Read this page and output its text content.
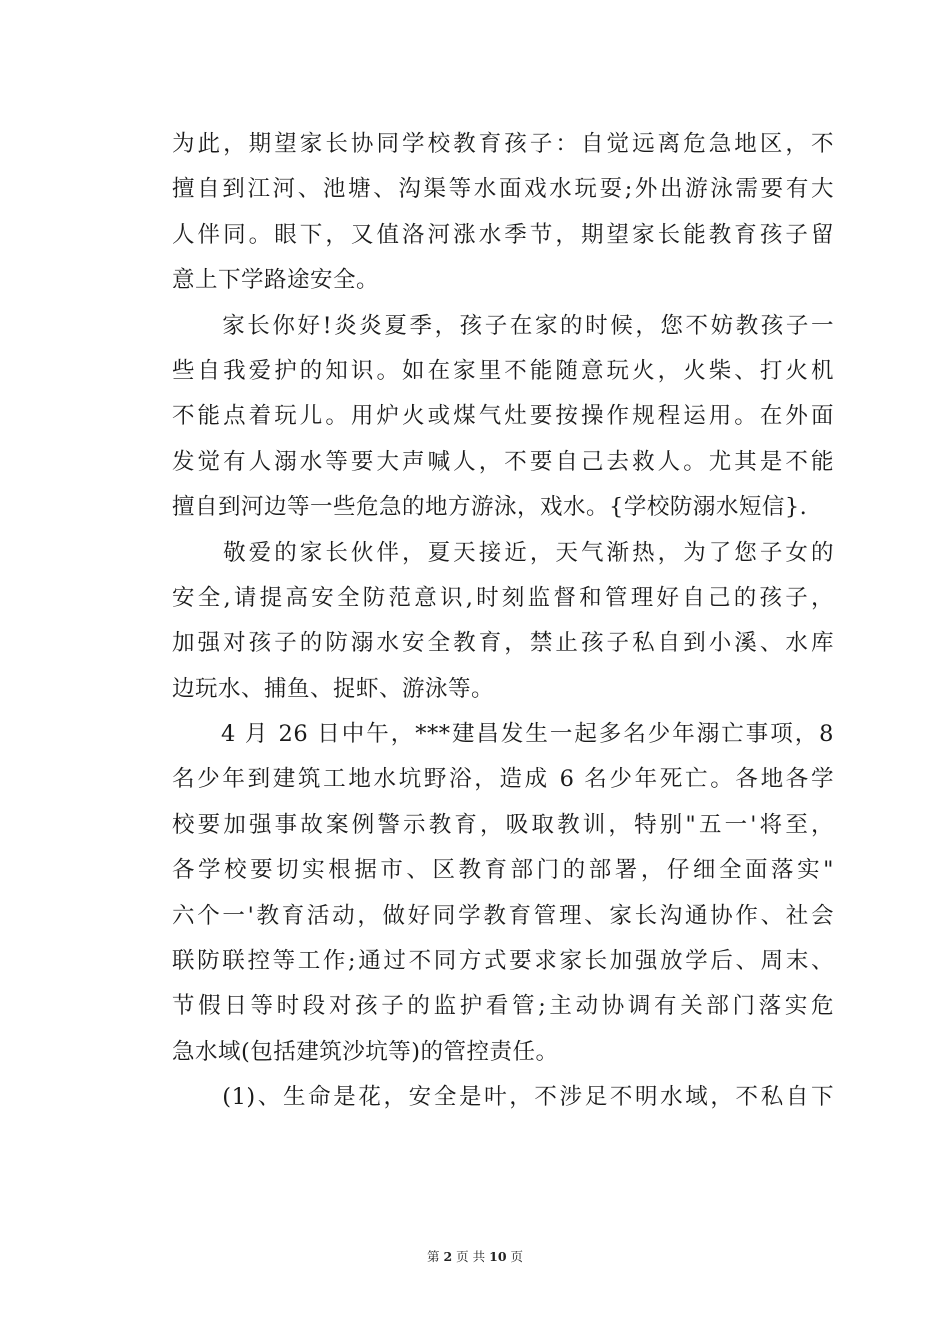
为此，期望家长协同学校教育孩子：自觉远离危急地区，不
擅自到江河、池塘、沟渠等水面戏水玩耍;外出游泳需要有大
人伴同。眼下，又值洛河涨水季节，期望家长能教育孩子留
意上下学路途安全。
　　家长你好!炎炎夏季，孩子在家的时候，您不妨教孩子一
些自我爱护的知识。如在家里不能随意玩火，火柴、打火机
不能点着玩儿。用炉火或煤气灶要按操作规程运用。在外面
发觉有人溺水等要大声喊人，不要自己去救人。尤其是不能
擅自到河边等一些危急的地方游泳，戏水。{学校防溺水短信}.
　　敬爱的家长伙伴，夏天接近，天气渐热，为了您子女的
安全,请提高安全防范意识,时刻监督和管理好自己的孩子，
加强对孩子的防溺水安全教育，禁止孩子私自到小溪、水库
边玩水、捕鱼、捉虾、游泳等。
　　4 月 26 日中午，***建昌发生一起多名少年溺亡事项，8
名少年到建筑工地水坑野浴，造成 6 名少年死亡。各地各学
校要加强事故案例警示教育，吸取教训，特别"五一'将至，
各学校要切实根据市、区教育部门的部署，仔细全面落实"
六个一'教育活动，做好同学教育管理、家长沟通协作、社会
联防联控等工作;通过不同方式要求家长加强放学后、周末、
节假日等时段对孩子的监护看管;主动协调有关部门落实危
急水域(包括建筑沙坑等)的管控责任。
　　(1)、生命是花，安全是叶，不涉足不明水域，不私自下
第 2 页 共 10 页
